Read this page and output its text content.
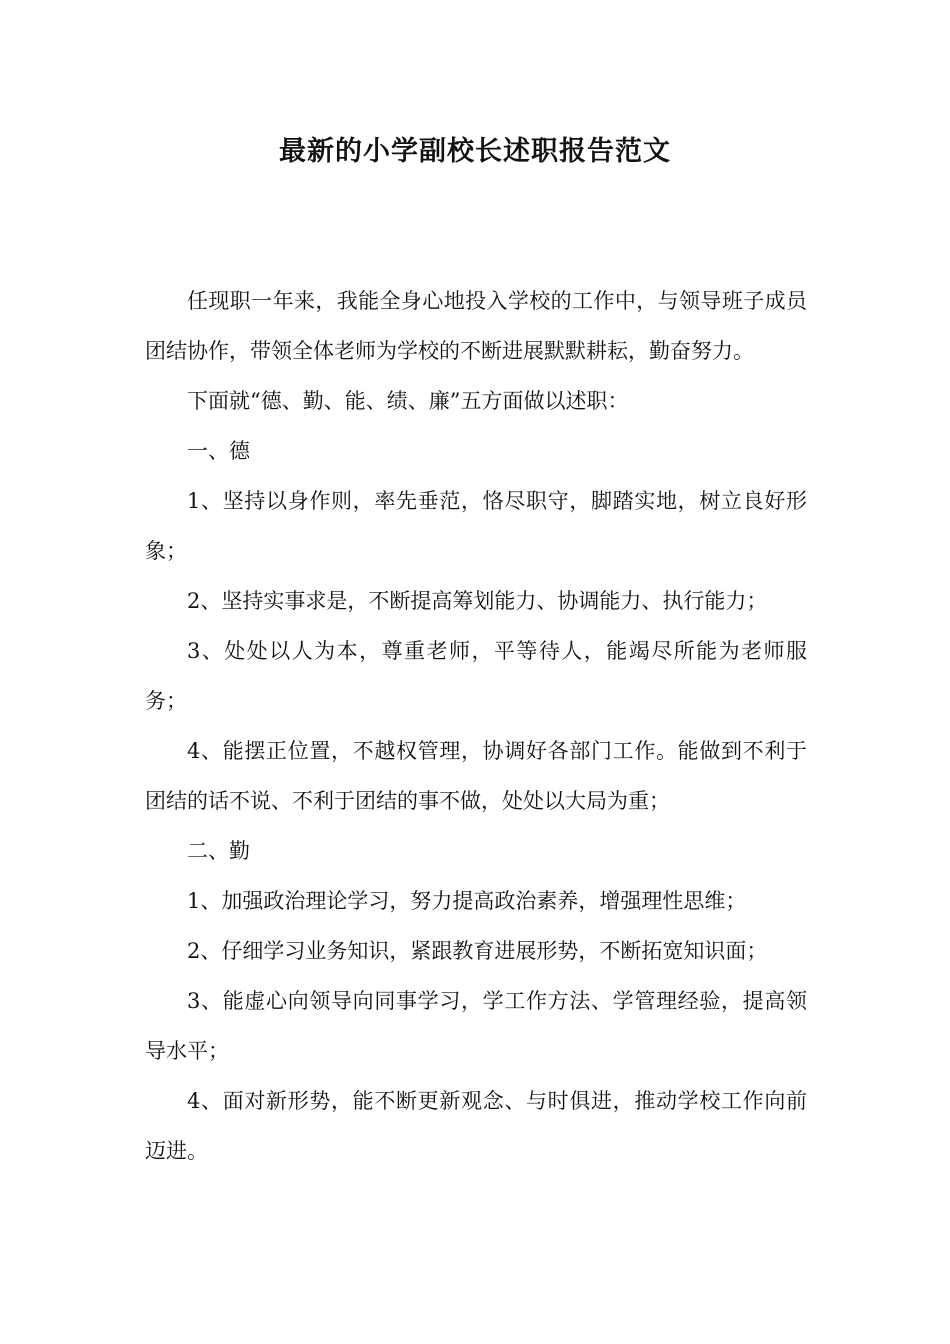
最新的小学副校长述职报告范文

任现职一年来，我能全身心地投入学校的工作中，与领导班子成员团结协作，带领全体老师为学校的不断进展默默耕耘，勤奋努力。

下面就“德、勤、能、绩、廉”五方面做以述职：

一、德

1、坚持以身作则，率先垂范，恪尽职守，脚踏实地，树立良好形象；

2、坚持实事求是，不断提高筹划能力、协调能力、执行能力；

3、处处以人为本，尊重老师，平等待人，能竭尽所能为老师服务；

4、能摆正位置，不越权管理，协调好各部门工作。能做到不利于团结的话不说、不利于团结的事不做，处处以大局为重；

二、勤

1、加强政治理论学习，努力提高政治素养，增强理性思维；

2、仔细学习业务知识，紧跟教育进展形势，不断拓宽知识面；

3、能虚心向领导向同事学习，学工作方法、学管理经验，提高领导水平；

4、面对新形势，能不断更新观念、与时俱进，推动学校工作向前迈进。
